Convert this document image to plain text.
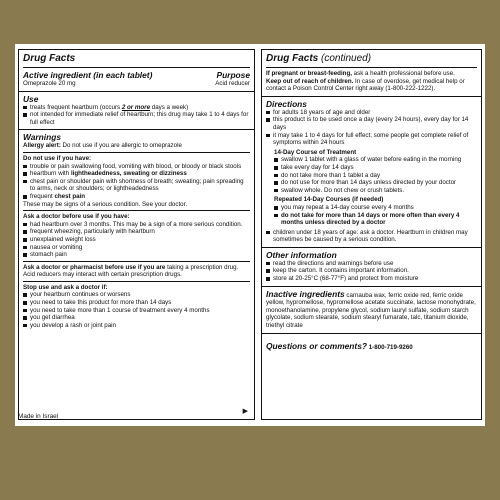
Drug Facts
Active ingredient (in each tablet)	Purpose
Omeprazole 20 mg	Acid reducer
Use
treats frequent heartburn (occurs 2 or more days a week)
not intended for immediate relief of heartburn; this drug may take 1 to 4 days for full effect
Warnings
Allergy alert: Do not use if you are allergic to omeprazole
Do not use if you have:
trouble or pain swallowing food, vomiting with blood, or bloody or black stools
heartburn with lightheadedness, sweating or dizziness
chest pain or shoulder pain with shortness of breath; sweating; pain spreading to arms, neck or shoulders; or lightheadedness
frequent chest pain
These may be signs of a serious condition. See your doctor.
Ask a doctor before use if you have:
had heartburn over 3 months. This may be a sign of a more serious condition.
frequent wheezing, particularly with heartburn
unexplained weight loss
nausea or vomiting
stomach pain
Ask a doctor or pharmacist before use if you are taking a prescription drug. Acid reducers may interact with certain prescription drugs.
Stop use and ask a doctor if:
your heartburn continues or worsens
you need to take this product for more than 14 days
you need to take more than 1 course of treatment every 4 months
you get diarrhea
you develop a rash or joint pain
▶
Drug Facts (continued)
If pregnant or breast-feeding, ask a health professional before use.
Keep out of reach of children. In case of overdose, get medical help or contact a Poison Control Center right away (1-800-222-1222).
Directions
for adults 18 years of age and older
this product is to be used once a day (every 24 hours), every day for 14 days
it may take 1 to 4 days for full effect; some people get complete relief of symptoms within 24 hours
14-Day Course of Treatment
swallow 1 tablet with a glass of water before eating in the morning
take every day for 14 days
do not take more than 1 tablet a day
do not use for more than 14 days unless directed by your doctor
swallow whole. Do not chew or crush tablets.
Repeated 14-Day Courses (if needed)
you may repeat a 14-day course every 4 months
do not take for more than 14 days or more often than every 4 months unless directed by a doctor
children under 18 years of age: ask a doctor. Heartburn in children may sometimes be caused by a serious condition.
Other information
read the directions and warnings before use
keep the carton. It contains important information.
store at 20-25°C (68-77°F) and protect from moisture
Inactive ingredients carnauba wax, ferric oxide red, ferric oxide yellow, hypromellose, hypromellose acetate succinate, lactose monohydrate, monoethanolamine, propylene glycol, sodium lauryl sulfate, sodium starch glycolate, sodium stearate, sodium stearyl fumarate, talc, titanium dioxide, triethyl citrate
Questions or comments? 1-800-719-9260
Made in Israel
